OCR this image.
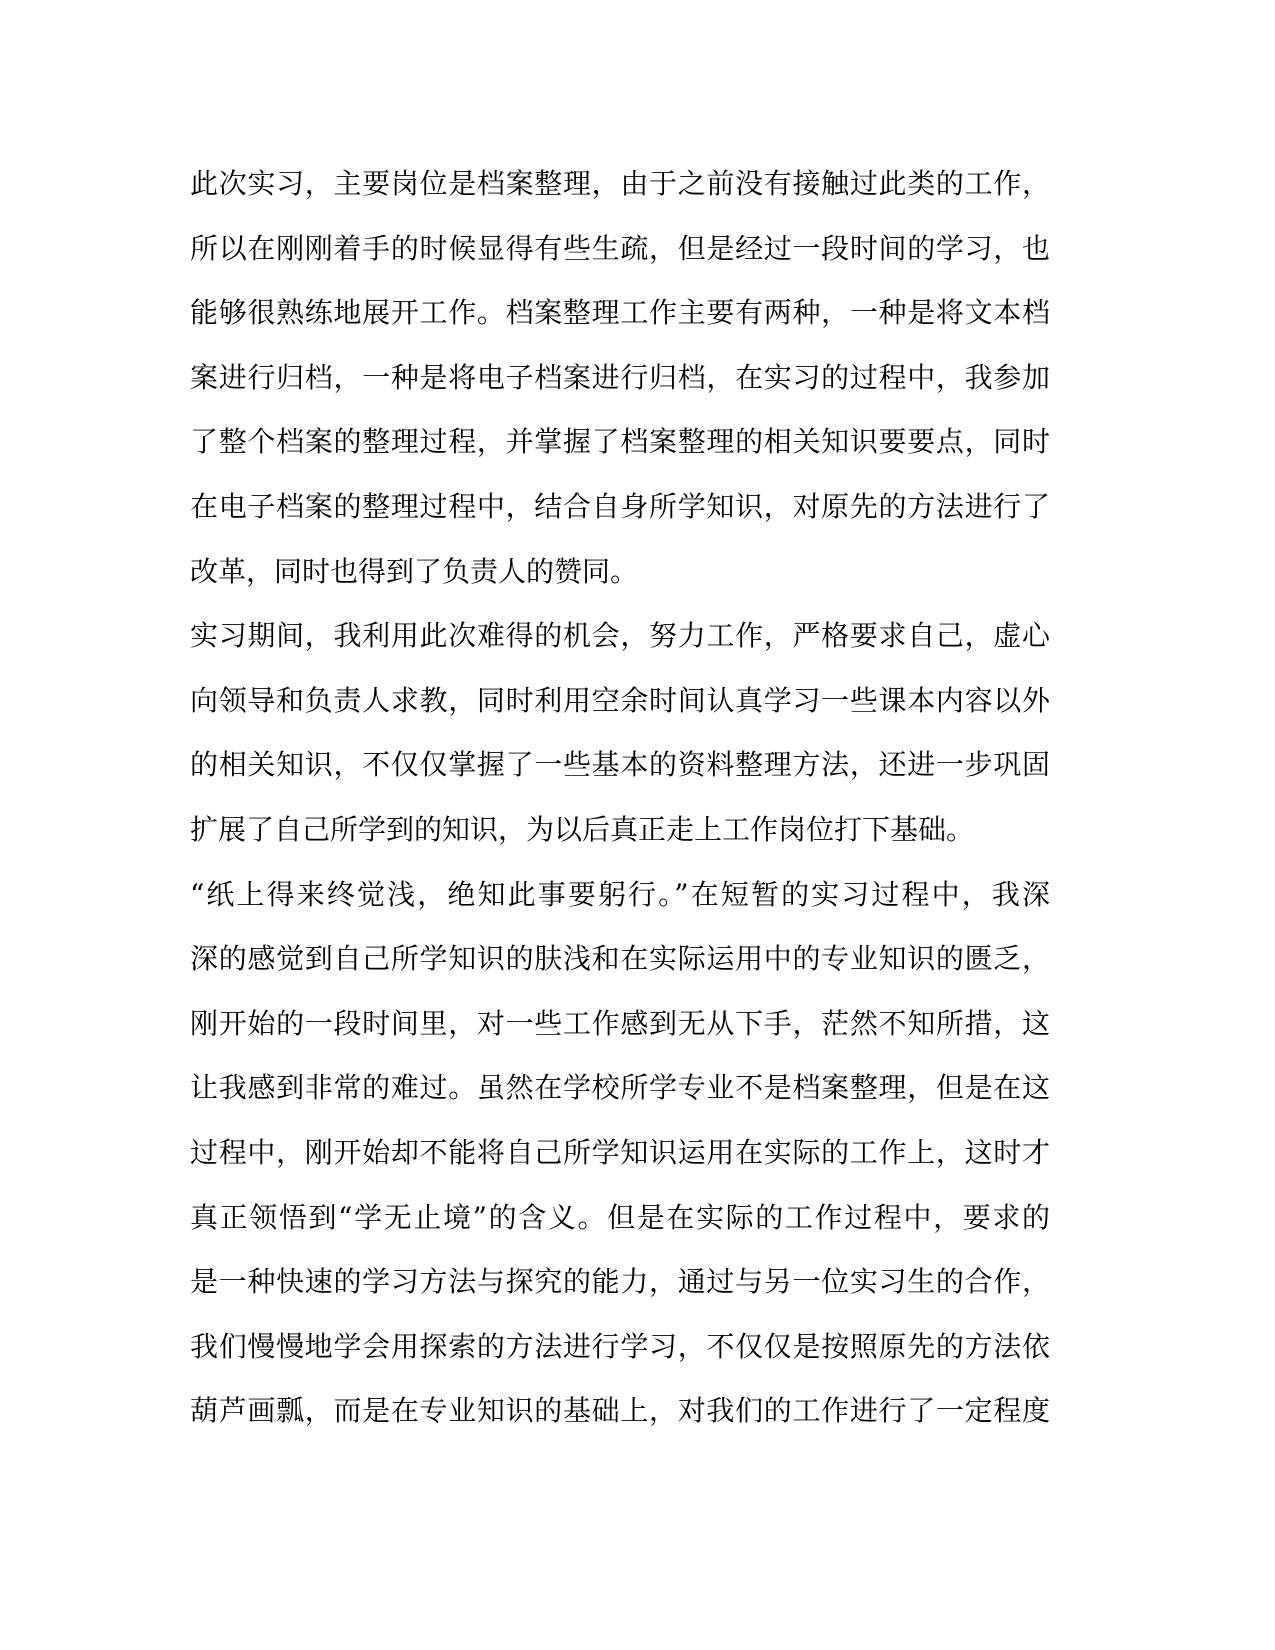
此次实习，主要岗位是档案整理，由于之前没有接触过此类的工作，
所以在刚刚着手的时候显得有些生疏，但是经过一段时间的学习，也
能够很熟练地展开工作。档案整理工作主要有两种，一种是将文本档
案进行归档，一种是将电子档案进行归档，在实习的过程中，我参加
了整个档案的整理过程，并掌握了档案整理的相关知识要要点，同时
在电子档案的整理过程中，结合自身所学知识，对原先的方法进行了
改革，同时也得到了负责人的赞同。
实习期间，我利用此次难得的机会，努力工作，严格要求自己，虚心
向领导和负责人求教，同时利用空余时间认真学习一些课本内容以外
的相关知识，不仅仅掌握了一些基本的资料整理方法，还进一步巩固
扩展了自己所学到的知识，为以后真正走上工作岗位打下基础。
“纸上得来终觉浅，绝知此事要躬行。”在短暂的实习过程中，我深
深的感觉到自己所学知识的肤浅和在实际运用中的专业知识的匮乏，
刚开始的一段时间里，对一些工作感到无从下手，茫然不知所措，这
让我感到非常的难过。虽然在学校所学专业不是档案整理，但是在这
过程中，刚开始却不能将自己所学知识运用在实际的工作上，这时才
真正领悟到“学无止境”的含义。但是在实际的工作过程中，要求的
是一种快速的学习方法与探究的能力，通过与另一位实习生的合作，
我们慢慢地学会用探索的方法进行学习，不仅仅是按照原先的方法依
葫芦画瓢，而是在专业知识的基础上，对我们的工作进行了一定程度
